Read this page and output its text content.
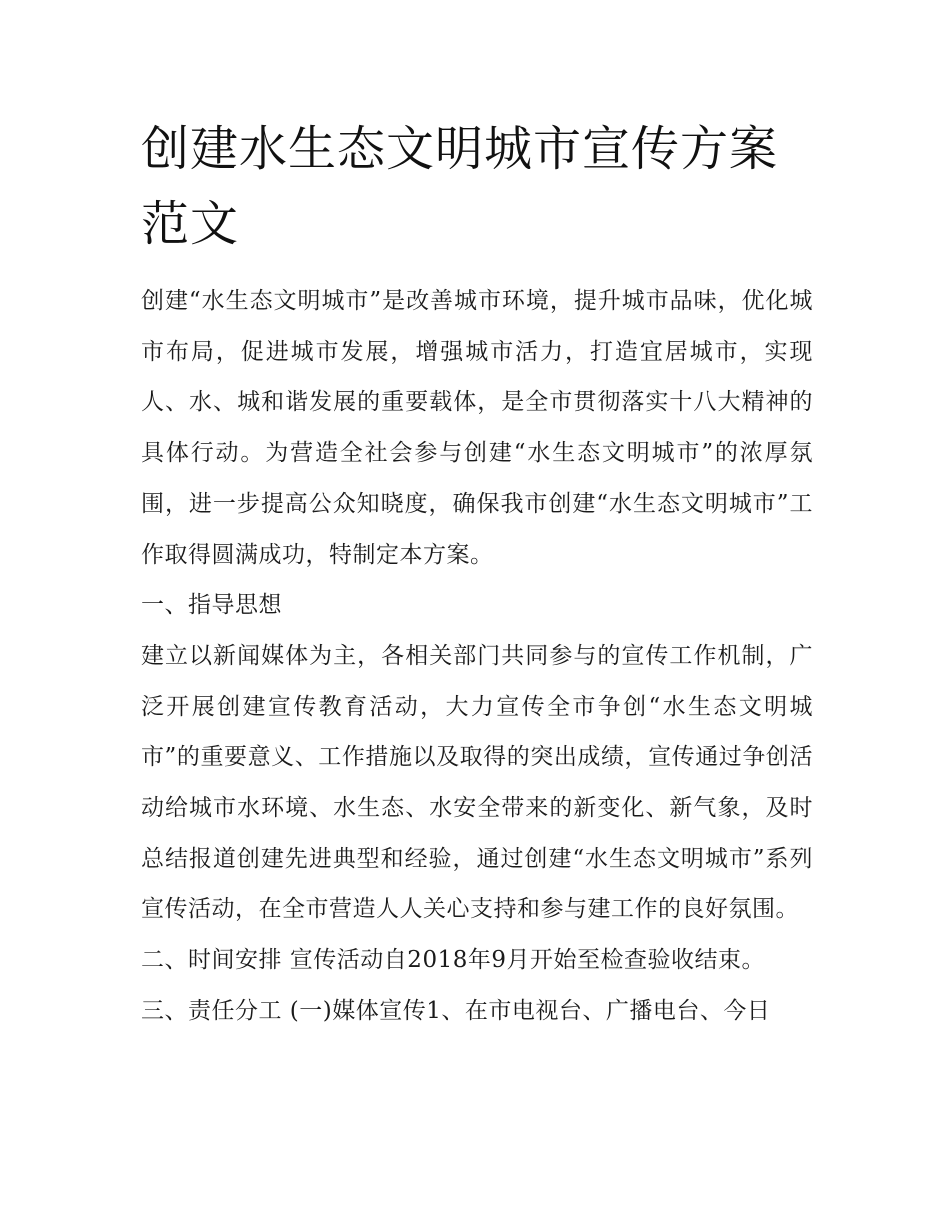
创建水生态文明城市宣传方案范文

创建“水生态文明城市”是改善城市环境，提升城市品味，优化城市布局，促进城市发展，增强城市活力，打造宜居城市，实现人、水、城和谐发展的重要载体，是全市贯彻落实十八大精神的具体行动。为营造全社会参与创建“水生态文明城市”的浓厚氛围，进一步提高公众知晓度，确保我市创建“水生态文明城市”工作取得圆满成功，特制定本方案。

一、指导思想

建立以新闻媒体为主，各相关部门共同参与的宣传工作机制，广泛开展创建宣传教育活动，大力宣传全市争创“水生态文明城市”的重要意义、工作措施以及取得的突出成绩，宣传通过争创活动给城市水环境、水生态、水安全带来的新变化、新气象，及时总结报道创建先进典型和经验，通过创建“水生态文明城市”系列宣传活动，在全市营造人人关心支持和参与建工作的良好氛围。

二、时间安排 宣传活动自2018年9月开始至检查验收结束。

三、责任分工 (一)媒体宣传1、在市电视台、广播电台、今日
